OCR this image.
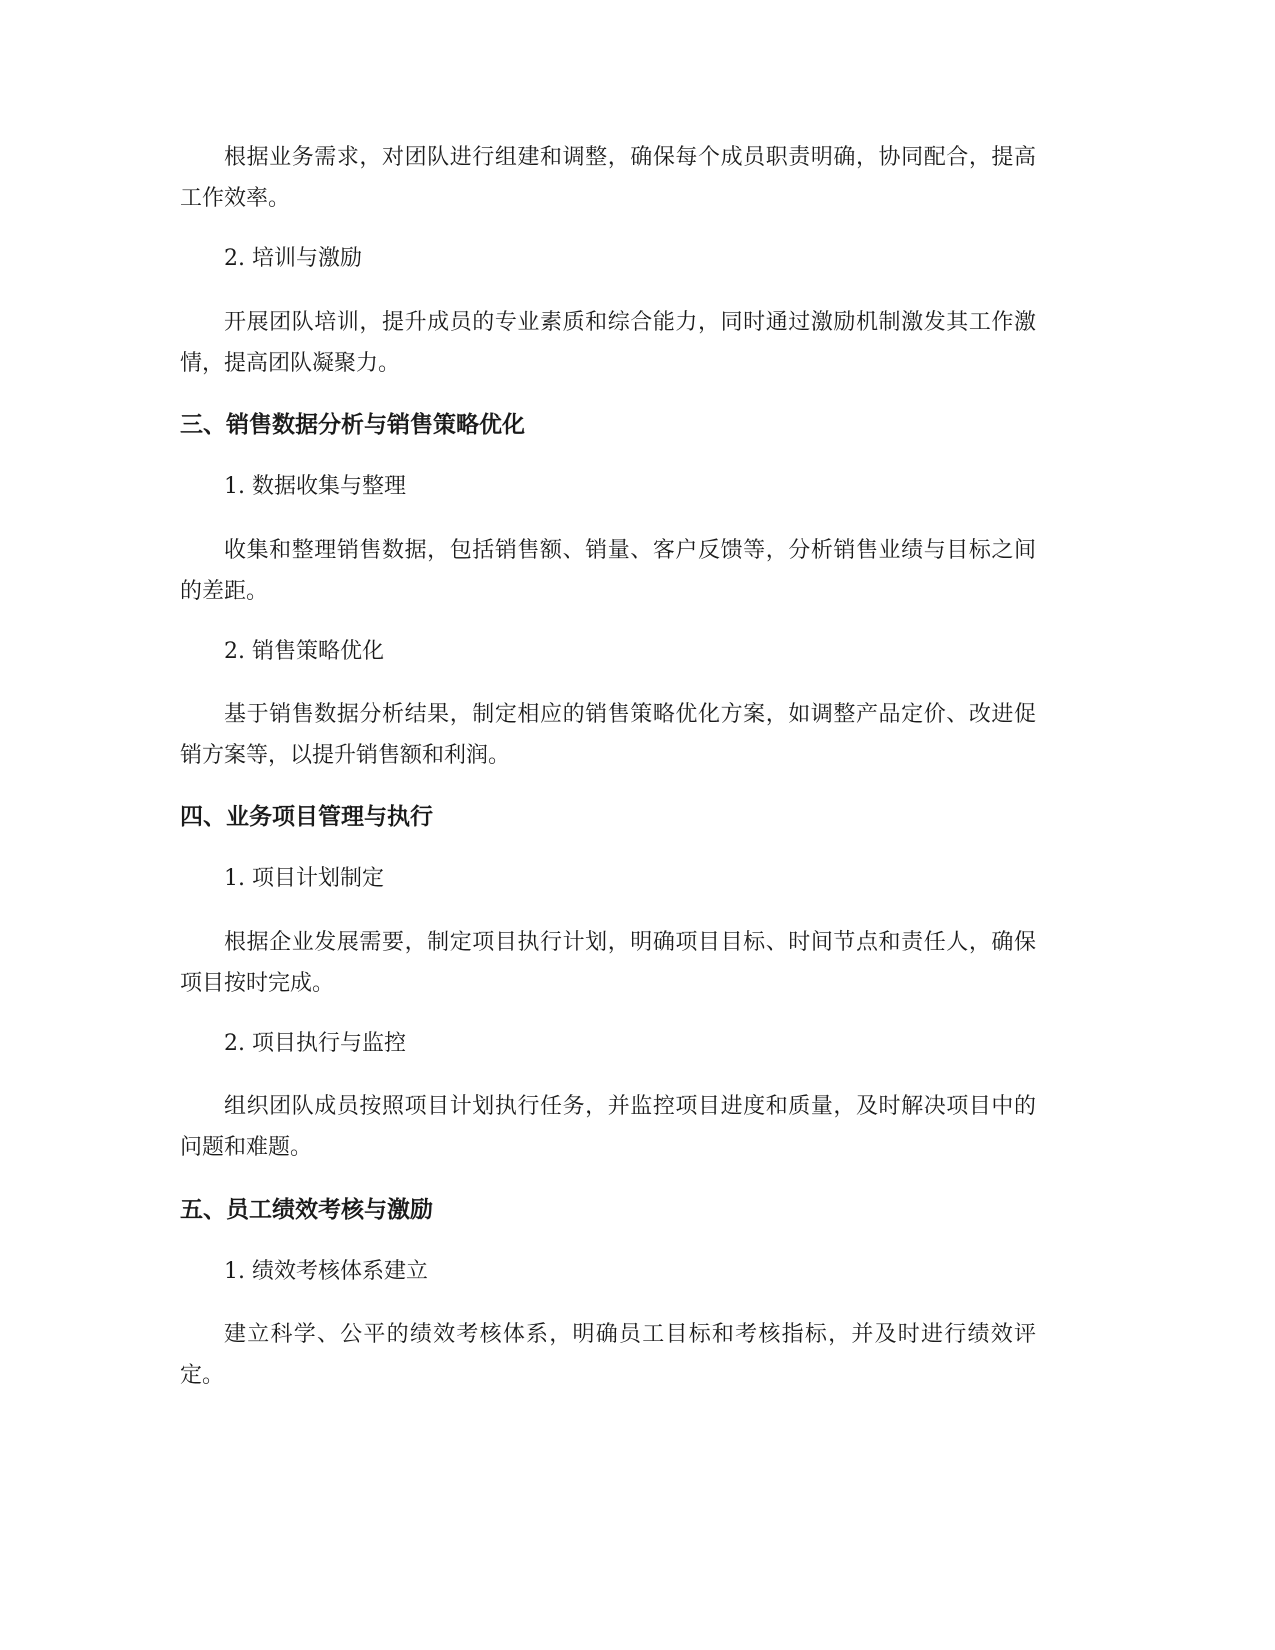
根据业务需求，对团队进行组建和调整，确保每个成员职责明确，协同配合，提高工作效率。

2. 培训与激励

开展团队培训，提升成员的专业素质和综合能力，同时通过激励机制激发其工作激情，提高团队凝聚力。

三、销售数据分析与销售策略优化

1. 数据收集与整理

收集和整理销售数据，包括销售额、销量、客户反馈等，分析销售业绩与目标之间的差距。

2. 销售策略优化

基于销售数据分析结果，制定相应的销售策略优化方案，如调整产品定价、改进促销方案等，以提升销售额和利润。

四、业务项目管理与执行

1. 项目计划制定

根据企业发展需要，制定项目执行计划，明确项目目标、时间节点和责任人，确保项目按时完成。

2. 项目执行与监控

组织团队成员按照项目计划执行任务，并监控项目进度和质量，及时解决项目中的问题和难题。

五、员工绩效考核与激励

1. 绩效考核体系建立

建立科学、公平的绩效考核体系，明确员工目标和考核指标，并及时进行绩效评定。
